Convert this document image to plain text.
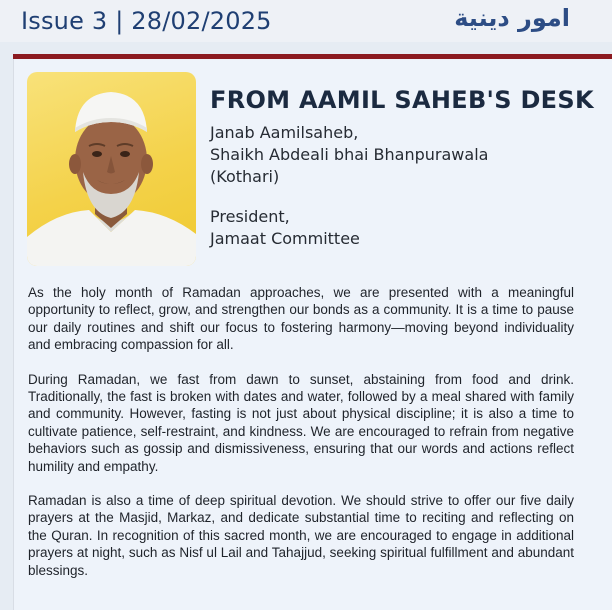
Issue 3 | 28/02/2025	امور دينية
FROM AAMIL SAHEB'S DESK
Janab Aamilsaheb,
Shaikh Abdeali bhai Bhanpurawala
(Kothari)
President,
Jamaat Committee

As the holy month of Ramadan approaches, we are presented with a meaningful opportunity to reflect, grow, and strengthen our bonds as a community. It is a time to pause our daily routines and shift our focus to fostering harmony—moving beyond individuality and embracing compassion for all.

During Ramadan, we fast from dawn to sunset, abstaining from food and drink. Traditionally, the fast is broken with dates and water, followed by a meal shared with family and community. However, fasting is not just about physical discipline; it is also a time to cultivate patience, self-restraint, and kindness. We are encouraged to refrain from negative behaviors such as gossip and dismissiveness, ensuring that our words and actions reflect humility and empathy.

Ramadan is also a time of deep spiritual devotion. We should strive to offer our five daily prayers at the Masjid, Markaz, and dedicate substantial time to reciting and reflecting on the Quran. In recognition of this sacred month, we are encouraged to engage in additional prayers at night, such as Nisf ul Lail and Tahajjud, seeking spiritual fulfillment and abundant blessings.
